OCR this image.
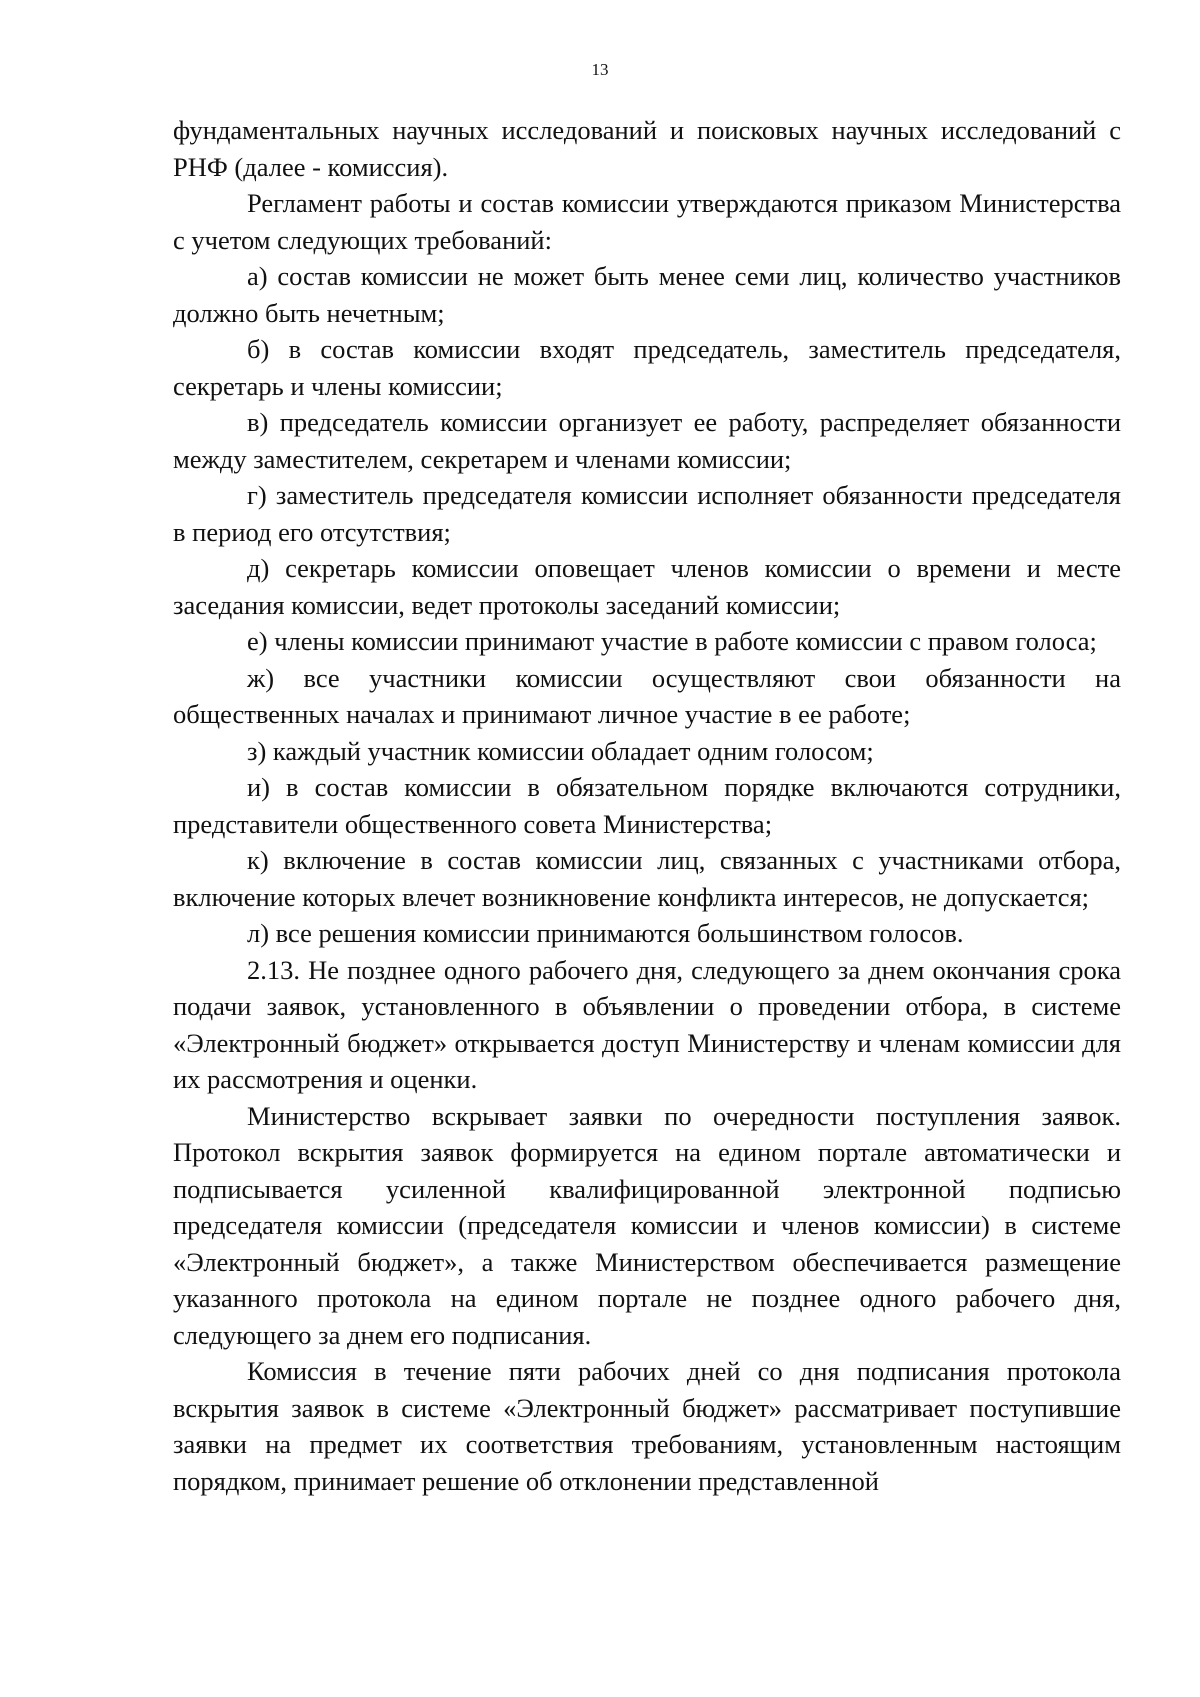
13

фундаментальных научных исследований и поисковых научных исследований с РНФ (далее - комиссия).

Регламент работы и состав комиссии утверждаются приказом Министерства с учетом следующих требований:

а) состав комиссии не может быть менее семи лиц, количество участников должно быть нечетным;

б) в состав комиссии входят председатель, заместитель председателя, секретарь и члены комиссии;

в) председатель комиссии организует ее работу, распределяет обязанности между заместителем, секретарем и членами комиссии;

г) заместитель председателя комиссии исполняет обязанности председателя в период его отсутствия;

д) секретарь комиссии оповещает членов комиссии о времени и месте заседания комиссии, ведет протоколы заседаний комиссии;

е) члены комиссии принимают участие в работе комиссии с правом голоса;

ж) все участники комиссии осуществляют свои обязанности на общественных началах и принимают личное участие в ее работе;

з) каждый участник комиссии обладает одним голосом;

и) в состав комиссии в обязательном порядке включаются сотрудники, представители общественного совета Министерства;

к) включение в состав комиссии лиц, связанных с участниками отбора, включение которых влечет возникновение конфликта интересов, не допускается;

л) все решения комиссии принимаются большинством голосов.

2.13. Не позднее одного рабочего дня, следующего за днем окончания срока подачи заявок, установленного в объявлении о проведении отбора, в системе «Электронный бюджет» открывается доступ Министерству и членам комиссии для их рассмотрения и оценки.

Министерство вскрывает заявки по очередности поступления заявок. Протокол вскрытия заявок формируется на едином портале автоматически и подписывается усиленной квалифицированной электронной подписью председателя комиссии (председателя комиссии и членов комиссии) в системе «Электронный бюджет», а также Министерством обеспечивается размещение указанного протокола на едином портале не позднее одного рабочего дня, следующего за днем его подписания.

Комиссия в течение пяти рабочих дней со дня подписания протокола вскрытия заявок в системе «Электронный бюджет» рассматривает поступившие заявки на предмет их соответствия требованиям, установленным настоящим порядком, принимает решение об отклонении представленной
